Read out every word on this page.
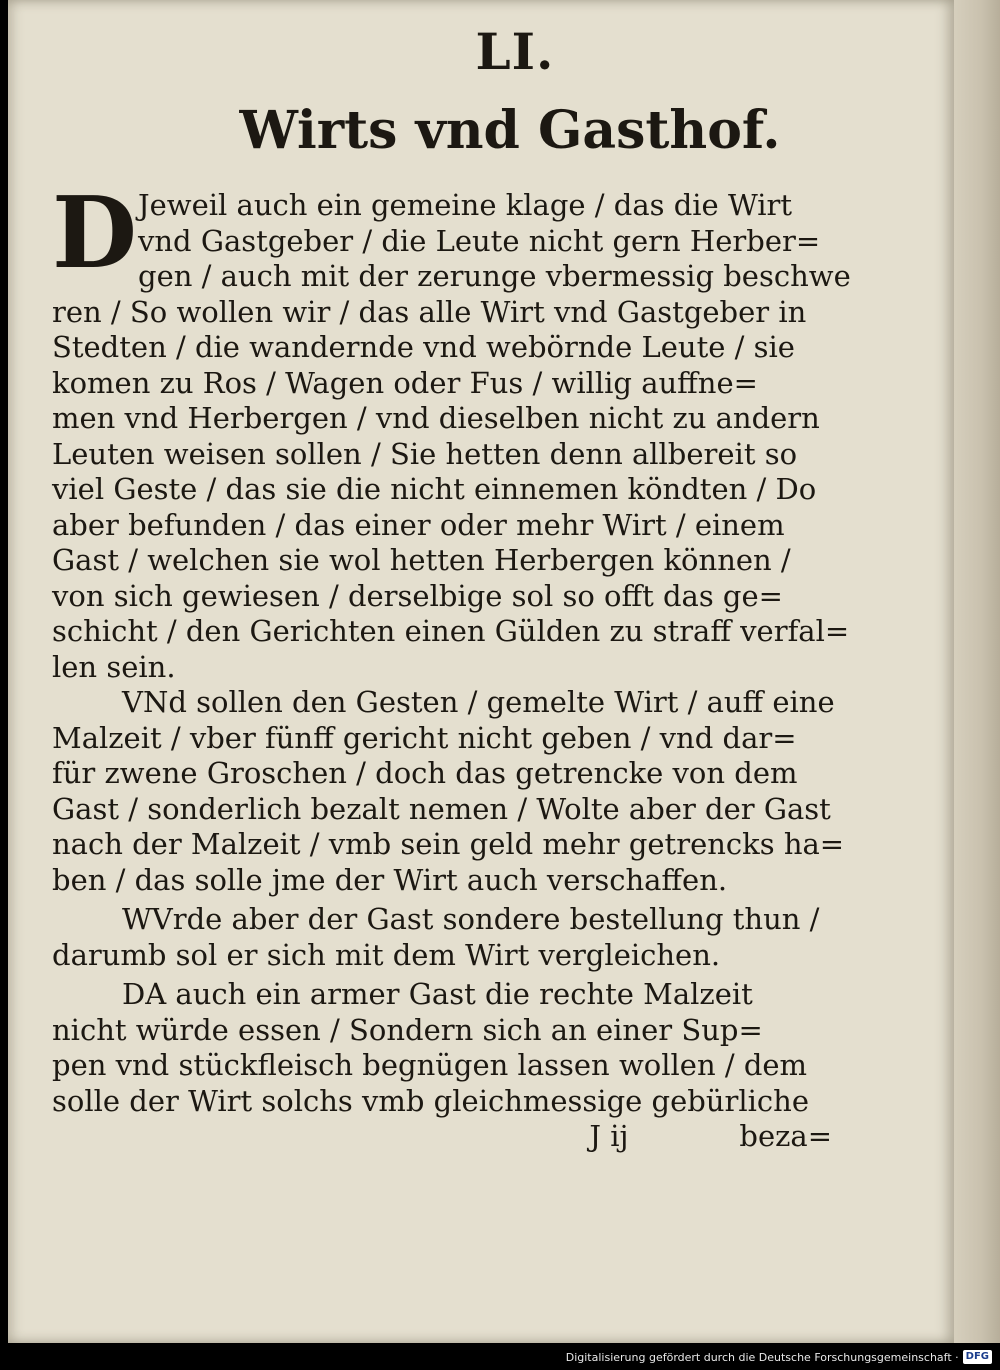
LI.
Wirts vnd Gasthof.
D Jeweil auch ein gemeine klage / das die Wirt
vnd Gastgeber / die Leute nicht gern Herber=
gen / auch mit der zerunge vbermessig beschwe
ren / So wollen wir / das alle Wirt vnd Gastgeber in
Stedten / die wandernde vnd webörnde Leute / sie
komen zu Ros / Wagen oder Fus / willig auffne=
men vnd Herbergen / vnd dieselben nicht zu andern
Leuten weisen sollen / Sie hetten denn allbereit so
viel Geste / das sie die nicht einnemen köndten / Do
aber befunden / das einer oder mehr Wirt / einem
Gast / welchen sie wol hetten Herbergen können /
von sich gewiesen / derselbige sol so offt das ge=
schicht / den Gerichten einen Gülden zu straff verfal=
len sein.
VNd sollen den Gesten / gemelte Wirt / auff eine
Malzeit / vber fünff gericht nicht geben / vnd dar=
für zwene Groschen / doch das getrencke von dem
Gast / sonderlich bezalt nemen / Wolte aber der Gast
nach der Malzeit / vmb sein geld mehr getrencks ha=
ben / das solle jme der Wirt auch verschaffen.
WVrde aber der Gast sondere bestellung thun /
darumb sol er sich mit dem Wirt vergleichen.
DA auch ein armer Gast die rechte Malzeit
nicht würde essen / Sondern sich an einer Sup=
pen vnd stückfleisch begnügen lassen wollen / dem
solle der Wirt solchs vmb gleichmessige gebürliche
J ij	beza=
Digitalisierung gefördert durch die Deutsche Forschungsgemeinschaft · DFG
